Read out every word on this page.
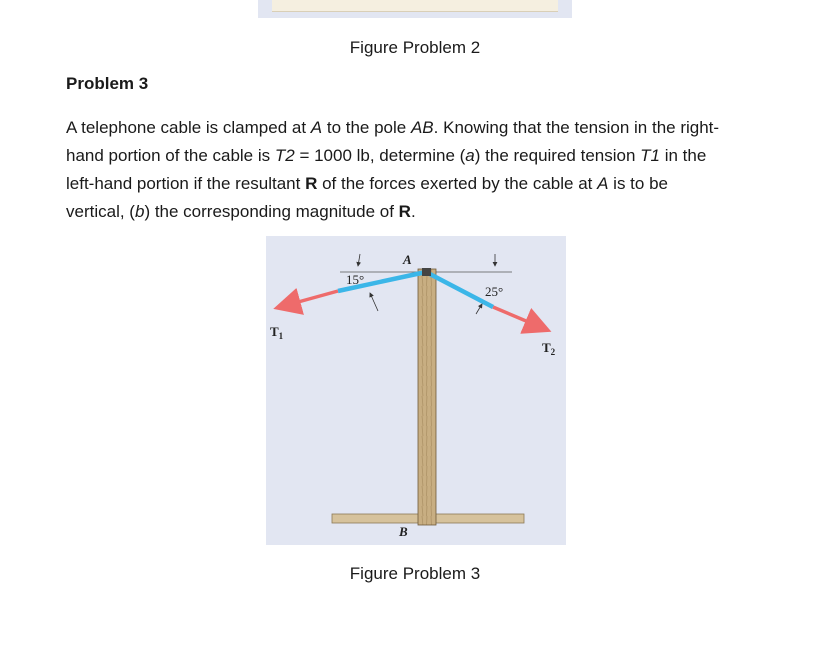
Figure Problem 2
Problem 3
A telephone cable is clamped at A to the pole AB. Knowing that the tension in the right-
hand portion of the cable is T2 = 1000 lb, determine (a) the required tension T1 in the
left-hand portion if the resultant R of the forces exerted by the cable at A is to be
vertical, (b) the corresponding magnitude of R.
15°
25°
A
B
$T_1$
$T_2$
Figure Problem 3
